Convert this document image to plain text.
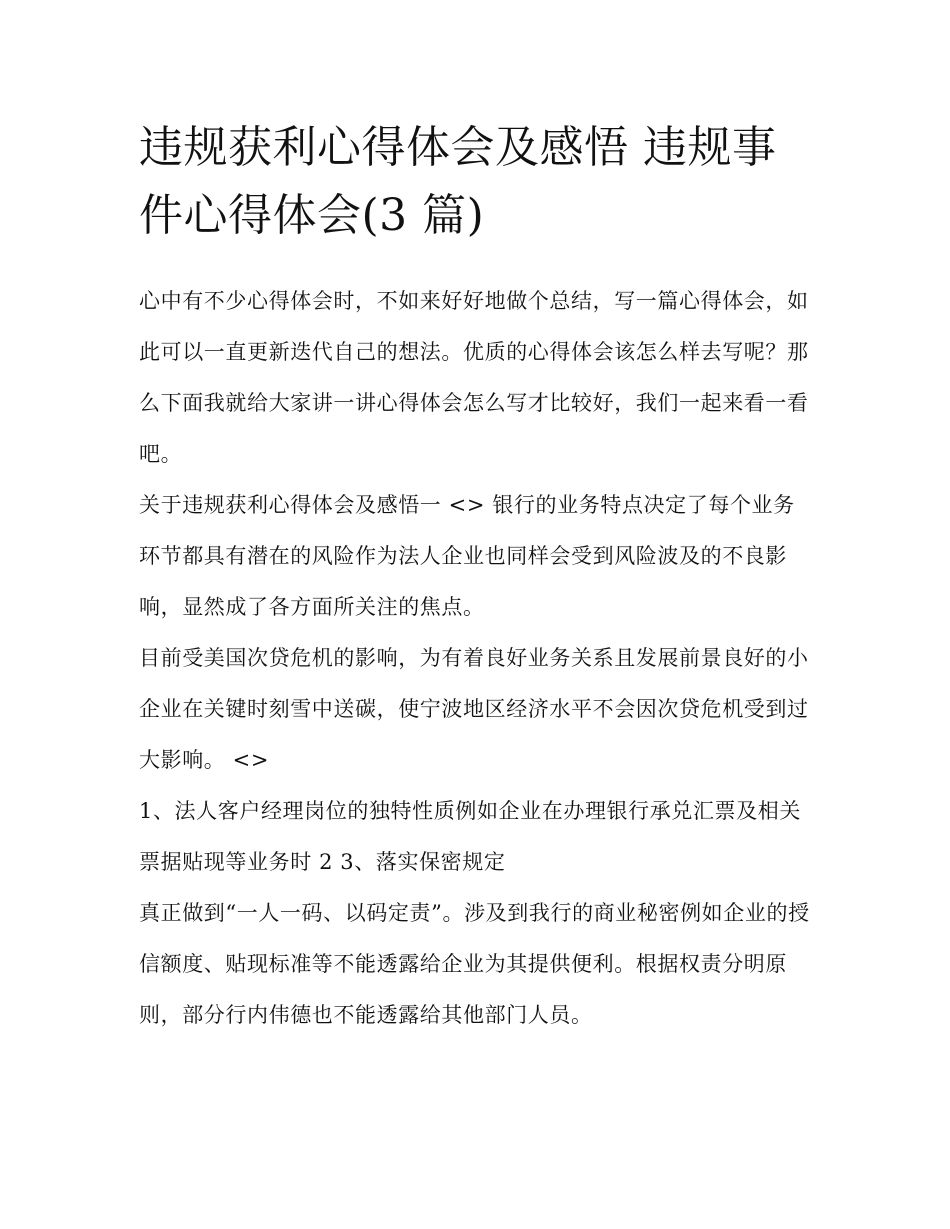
违规获利心得体会及感悟 违规事件心得体会(3 篇)

心中有不少心得体会时，不如来好好地做个总结，写一篇心得体会，如此可以一直更新迭代自己的想法。优质的心得体会该怎么样去写呢？那么下面我就给大家讲一讲心得体会怎么写才比较好，我们一起来看一看吧。

关于违规获利心得体会及感悟一 <> 银行的业务特点决定了每个业务环节都具有潜在的风险作为法人企业也同样会受到风险波及的不良影响，显然成了各方面所关注的焦点。

目前受美国次贷危机的影响，为有着良好业务关系且发展前景良好的小企业在关键时刻雪中送碳，使宁波地区经济水平不会因次贷危机受到过大影响。 <>

1、法人客户经理岗位的独特性质例如企业在办理银行承兑汇票及相关票据贴现等业务时 2 3、落实保密规定

真正做到“一人一码、以码定责”。涉及到我行的商业秘密例如企业的授信额度、贴现标准等不能透露给企业为其提供便利。根据权责分明原则，部分行内伟德也不能透露给其他部门人员。
